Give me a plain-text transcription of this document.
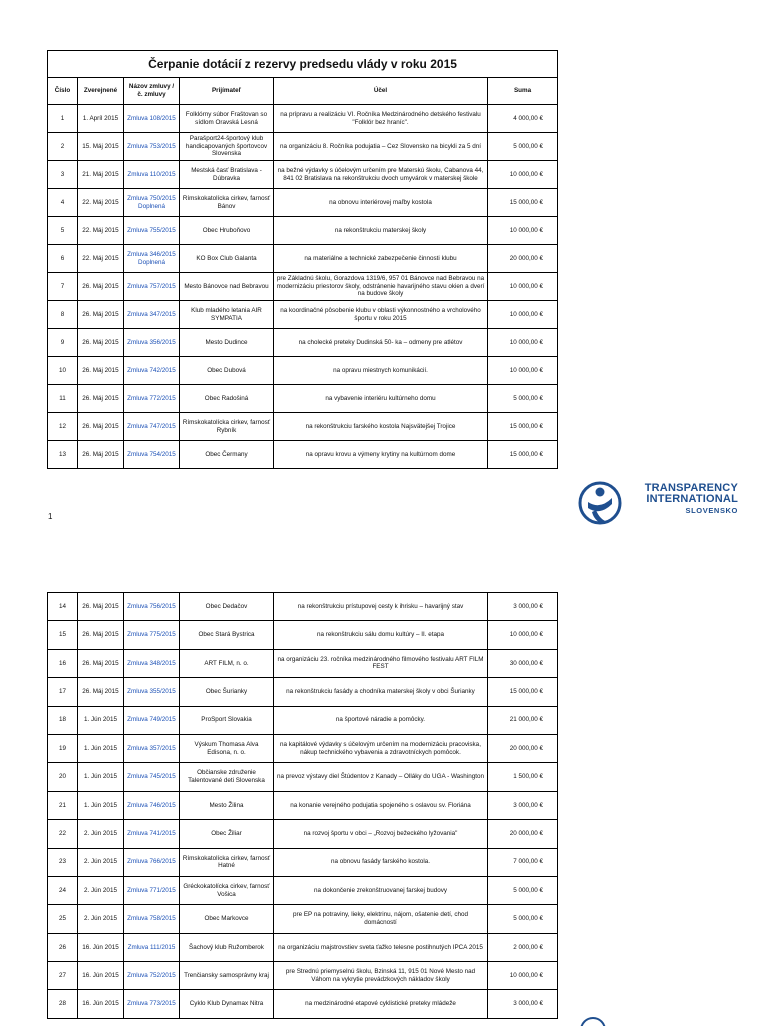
Čerpanie dotácií z rezervy predsedu vlády v roku 2015					
Číslo	Zverejnené	Názov zmluvy / č. zmluvy	Prijímateľ	Účel	Suma
1	1. Apríl 2015	Zmluva 108/2015	Folklórny súbor Fraštovan so sídlom Oravská Lesná	na prípravu a realizáciu VI. Ročníka Medzinárodného detského festivalu "Folklór bez hraníc".	4 000,00 €
2	15. Máj 2015	Zmluva 753/2015	Parašport24-športový klub handicapovaných športovcov Slovenska	na organizáciu 8. Ročníka podujatia – Cez Slovensko na bicykli za 5 dní	5 000,00 €
3	21. Máj 2015	Zmluva 110/2015	Mestská časť Bratislava - Dúbravka	na bežné výdavky s účelovým určením pre Materskú školu, Cabanova 44, 841 02 Bratislava na rekonštrukciu dvoch umyvárok v materskej škole	10 000,00 €
4	22. Máj 2015	Zmluva 750/2015 Doplnená	Rímskokatolícka cirkev, farnosť Bánov	na obnovu interiérovej maľby kostola	15 000,00 €
5	22. Máj 2015	Zmluva 755/2015	Obec Hruboňovo	na rekonštrukciu materskej školy	10 000,00 €
6	22. Máj 2015	Zmluva 346/2015 Doplnená	KO Box Club Galanta	na materiálne a technické zabezpečenie činnosti klubu	20 000,00 €
7	26. Máj 2015	Zmluva 757/2015	Mesto Bánovce nad Bebravou	pre Základnú školu, Gorazdova 1319/6, 957 01 Bánovce nad Bebravou na modernizáciu priestorov školy, odstránenie havarijného stavu okien a dverí na budove školy	10 000,00 €
8	26. Máj 2015	Zmluva 347/2015	Klub mladého letania AIR SYMPATIA	na koordinačné pôsobenie klubu v oblasti výkonnostného a vrcholového športu v roku 2015	10 000,00 €
9	26. Máj 2015	Zmluva 356/2015	Mesto Dudince	na cholecké preteky Dudinská 50- ka – odmeny pre atlétov	10 000,00 €
10	26. Máj 2015	Zmluva 742/2015	Obec Dubová	na opravu miestnych komunikácií.	10 000,00 €
11	26. Máj 2015	Zmluva 772/2015	Obec Radošiná	na vybavenie interiéru kultúrneho domu	5 000,00 €
12	26. Máj 2015	Zmluva 747/2015	Rímskokatolícka cirkev, farnosť Rybník	na rekonštrukciu farského kostola Najsvätejšej Trojice	15 000,00 €
13	26. Máj 2015	Zmluva 754/2015	Obec Čermany	na opravu krovu a výmeny krytiny na kultúrnom dome	15 000,00 €
1
TRANSPARENCY
INTERNATIONAL
SLOVENSKO
14	26. Máj 2015	Zmluva 756/2015	Obec Dedačov	na rekonštrukciu prístupovej cesty k ihrisku – havarijný stav	3 000,00 €
15	26. Máj 2015	Zmluva 775/2015	Obec Stará Bystrica	na rekonštrukciu sálu domu kultúry – II. etapa	10 000,00 €
16	26. Máj 2015	Zmluva 348/2015	ART FILM, n. o.	na organizáciu 23. ročníka medzinárodného filmového festivalu ART FILM FEST	30 000,00 €
17	26. Máj 2015	Zmluva 355/2015	Obec Šurianky	na rekonštrukciu fasády a chodníka materskej školy v obci Šurianky	15 000,00 €
18	1. Jún 2015	Zmluva 749/2015	ProSport Slovakia	na športové náradie a pomôcky.	21 000,00 €
19	1. Jún 2015	Zmluva 357/2015	Výskum Thomasa Alva Edisona, n. o.	na kapitálové výdavky s účelovým určením na modernizáciu pracoviska, nákup technického vybavenia a zdravotníckych pomôcok.	20 000,00 €
20	1. Jún 2015	Zmluva 745/2015	Občianske združenie Talentované deti Slovenska	na prevoz výstavy diel Štúdentov z Kanady – Olláky do UGA - Washington	1 500,00 €
21	1. Jún 2015	Zmluva 746/2015	Mesto Žilina	na konanie verejného podujatia spojeného s oslavou sv. Floriána	3 000,00 €
22	2. Jún 2015	Zmluva 741/2015	Obec Žiliar	na rozvoj športu v obci – „Rozvoj bežeckého lyžovania"	20 000,00 €
23	2. Jún 2015	Zmluva 766/2015	Rímskokatolícka cirkev, farnosť Hatné	na obnovu fasády farského kostola.	7 000,00 €
24	2. Jún 2015	Zmluva 771/2015	Gréckokatolícka cirkev, farnosť Vošica	na dokončenie zrekonštruovanej farskej budovy	5 000,00 €
25	2. Jún 2015	Zmluva 758/2015	Obec Markovce	pre EP na potraviny, lieky, elektrinu, nájom, ošatenie detí, chod domácností	5 000,00 €
26	16. Jún 2015	Zmluva 111/2015	Šachový klub Ružomberok	na organizáciu majstrovstiev sveta ťažko telesne postihnutých IPCA 2015	2 000,00 €
27	16. Jún 2015	Zmluva 752/2015	Trenčiansky samosprávny kraj	pre Strednú priemyselnú školu, Bzinská 11, 915 01 Nové Mesto nad Váhom na vykrytie prevádzkových nákladov školy	10 000,00 €
28	16. Jún 2015	Zmluva 773/2015	Cyklo Klub Dynamax Nitra	na medzinárodné etapové cyklistické preteky mládeže	3 000,00 €
